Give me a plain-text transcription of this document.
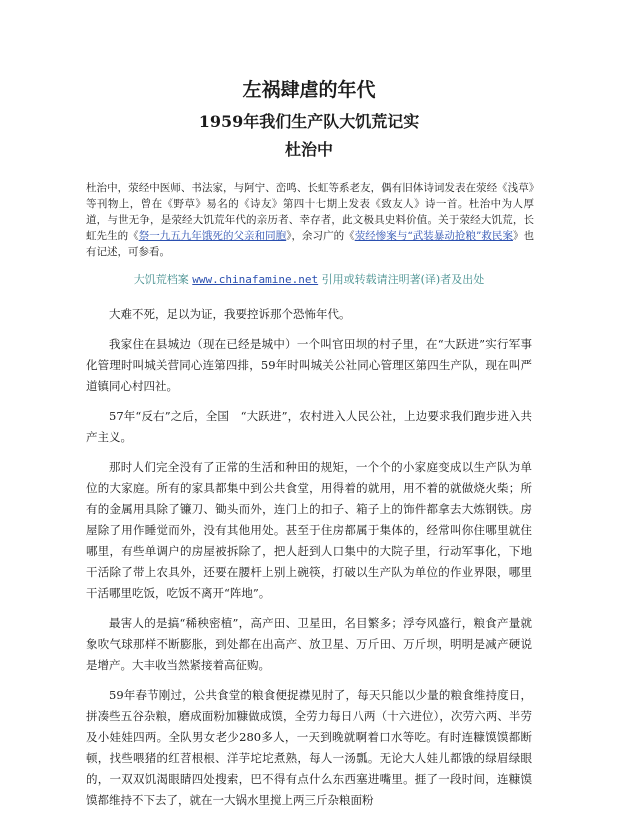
左祸肆虐的年代
1959年我们生产队大饥荒记实
杜治中

杜治中，荥经中医师、书法家，与阿宁、峦鸣、长虹等系老友，偶有旧体诗词发表在荥经《浅草》等刊物上，曾在《野草》易名的《诗友》第四十七期上发表《致友人》诗一首。杜治中为人厚道，与世无争，是荥经大饥荒年代的亲历者、幸存者，此文极具史料价值。关于荥经大饥荒，长虹先生的《祭一九五九年饿死的父亲和同胞》，余习广的《荥经惨案与“武装暴动抢粮”救民案》也有记述，可参看。

大饥荒档案 www.chinafamine.net 引用或转载请注明著(译)者及出处

大难不死，足以为证，我要控诉那个恐怖年代。

我家住在县城边（现在已经是城中）一个叫官田坝的村子里，在“大跃进”实行军事化管理时叫城关营同心连第四排，59年时叫城关公社同心管理区第四生产队，现在叫严道镇同心村四社。

57年“反右”之后，全国　“大跃进”，农村进入人民公社，上边要求我们跑步进入共产主义。

那时人们完全没有了正常的生活和种田的规矩，一个个的小家庭变成以生产队为单位的大家庭。所有的家具都集中到公共食堂，用得着的就用，用不着的就做烧火柴；所有的金属用具除了镰刀、锄头而外，连门上的扣子、箱子上的饰件都拿去大炼钢铁。房屋除了用作睡觉而外，没有其他用处。甚至于住房都属于集体的，经常叫你住哪里就住哪里，有些单调户的房屋被拆除了，把人赶到人口集中的大院子里，行动军事化，下地干活除了带上农具外，还要在腰杆上别上碗筷，打破以生产队为单位的作业界限，哪里干活哪里吃饭，吃饭不离开“阵地”。

最害人的是搞“稀秧密植”，高产田、卫星田，名目繁多；浮夸风盛行，粮食产量就象吹气球那样不断膨胀，到处都在出高产、放卫星、万斤田、万斤坝，明明是减产硬说是增产。大丰收当然紧接着高征购。

59年春节刚过，公共食堂的粮食便捉襟见肘了，每天只能以少量的粮食维持度日，拼凑些五谷杂粮，磨成面粉加糠做成馍，全劳力每日八两（十六进位），次劳六两、半劳及小娃娃四两。全队男女老少280多人，一天到晚就啊着口水等吃。有时连糠馍馍都断顿，找些喂猪的红苕根根、洋芋坨坨煮熟，每人一汤瓢。无论大人娃儿都饿的绿眉绿眼的，一双双饥渴眼睛四处搜索，巴不得有点什么东西塞进嘴里。捱了一段时间，连糠馍馍都维持不下去了，就在一大锅水里搅上两三斤杂粮面粉
